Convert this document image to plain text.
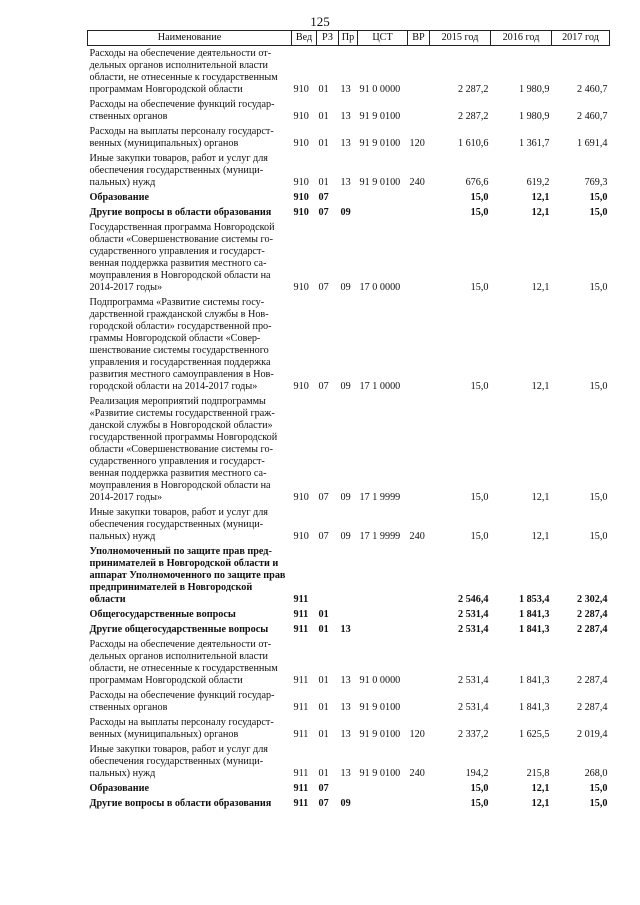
125
Наименование	Вед	РЗ	Пр	ЦСТ	ВР	2015 год	2016 год	2017 год
Расходы на обеспечение деятельности от-дельных органов исполнительной власти области, не отнесенные к государственным программам Новгородской области	910	01	13	91 0 0000		2 287,2	1 980,9	2 460,7
Расходы на обеспечение функций государ-ственных органов	910	01	13	91 9 0100		2 287,2	1 980,9	2 460,7
Расходы на выплаты персоналу государст-венных (муниципальных) органов	910	01	13	91 9 0100	120	1 610,6	1 361,7	1 691,4
Иные закупки товаров, работ и услуг для обеспечения государственных (муници-пальных) нужд	910	01	13	91 9 0100	240	676,6	619,2	769,3
Образование	910	07				15,0	12,1	15,0
Другие вопросы в области образования	910	07	09			15,0	12,1	15,0
Государственная программа Новгородской области «Совершенствование системы го-сударственного управления и государст-венная поддержка развития местного са-моуправления в Новгородской области на 2014-2017 годы»	910	07	09	17 0 0000		15,0	12,1	15,0
Подпрограмма «Развитие системы госу-дарственной гражданской службы в Нов-городской области» государственной про-граммы Новгородской области «Совер-шенствование системы государственного управления и государственная поддержка развития местного самоуправления в Нов-городской области на 2014-2017 годы»	910	07	09	17 1 0000		15,0	12,1	15,0
Реализация мероприятий подпрограммы «Развитие системы государственной граж-данской службы в Новгородской области» государственной программы Новгородской области «Совершенствование системы го-сударственного управления и государст-венная поддержка развития местного са-моуправления в Новгородской области на 2014-2017 годы»	910	07	09	17 1 9999		15,0	12,1	15,0
Иные закупки товаров, работ и услуг для обеспечения государственных (муници-пальных) нужд	910	07	09	17 1 9999	240	15,0	12,1	15,0
Уполномоченный по защите прав пред-принимателей в Новгородской области и аппарат Уполномоченного по защите прав предпринимателей в Новгородской области	911					2 546,4	1 853,4	2 302,4
Общегосударственные вопросы	911	01				2 531,4	1 841,3	2 287,4
Другие общегосударственные вопросы	911	01	13			2 531,4	1 841,3	2 287,4
Расходы на обеспечение деятельности от-дельных органов исполнительной власти области, не отнесенные к государственным программам Новгородской области	911	01	13	91 0 0000		2 531,4	1 841,3	2 287,4
Расходы на обеспечение функций государ-ственных органов	911	01	13	91 9 0100		2 531,4	1 841,3	2 287,4
Расходы на выплаты персоналу государст-венных (муниципальных) органов	911	01	13	91 9 0100	120	2 337,2	1 625,5	2 019,4
Иные закупки товаров, работ и услуг для обеспечения государственных (муници-пальных) нужд	911	01	13	91 9 0100	240	194,2	215,8	268,0
Образование	911	07				15,0	12,1	15,0
Другие вопросы в области образования	911	07	09			15,0	12,1	15,0
